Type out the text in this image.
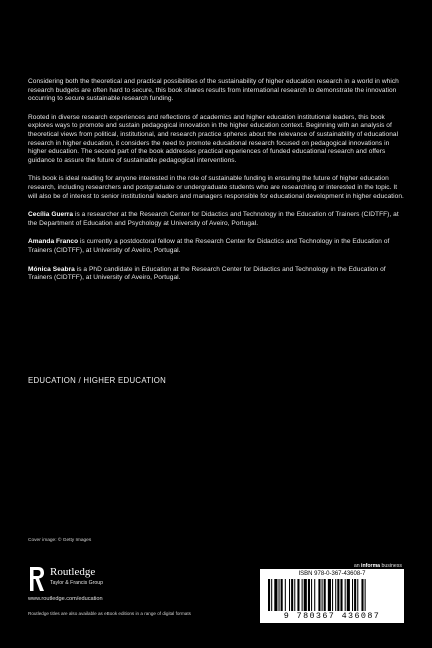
Considering both the theoretical and practical possibilities of the sustainability of higher education research in a world in which research budgets are often hard to secure, this book shares results from international research to demonstrate the innovation occurring to secure sustainable research funding.

Rooted in diverse research experiences and reflections of academics and higher education institutional leaders, this book explores ways to promote and sustain pedagogical innovation in the higher education context. Beginning with an analysis of theoretical views from political, institutional, and research practice spheres about the relevance of sustainability of educational research in higher education, it considers the need to promote educational research focused on pedagogical innovations in higher education. The second part of the book addresses practical experiences of funded educational research and offers guidance to assure the future of sustainable pedagogical interventions.

This book is ideal reading for anyone interested in the role of sustainable funding in ensuring the future of higher education research, including researchers and postgraduate or undergraduate students who are researching or interested in the topic. It will also be of interest to senior institutional leaders and managers responsible for educational development in higher education.

Cecília Guerra is a researcher at the Research Center for Didactics and Technology in the Education of Trainers (CIDTFF), at the Department of Education and Psychology at University of Aveiro, Portugal.

Amanda Franco is currently a postdoctoral fellow at the Research Center for Didactics and Technology in the Education of Trainers (CIDTFF), at University of Aveiro, Portugal.

Mónica Seabra is a PhD candidate in Education at the Research Center for Didactics and Technology in the Education of Trainers (CIDTFF), at University of Aveiro, Portugal.

EDUCATION / HIGHER EDUCATION
Cover image: © Getty Images
Routledge
Taylor & Francis Group
www.routledge.com/education
Routledge titles are also available as eBook editions in a range of digital formats
an informa business
ISBN 978-0-367-43608-7
9 780367 436087
